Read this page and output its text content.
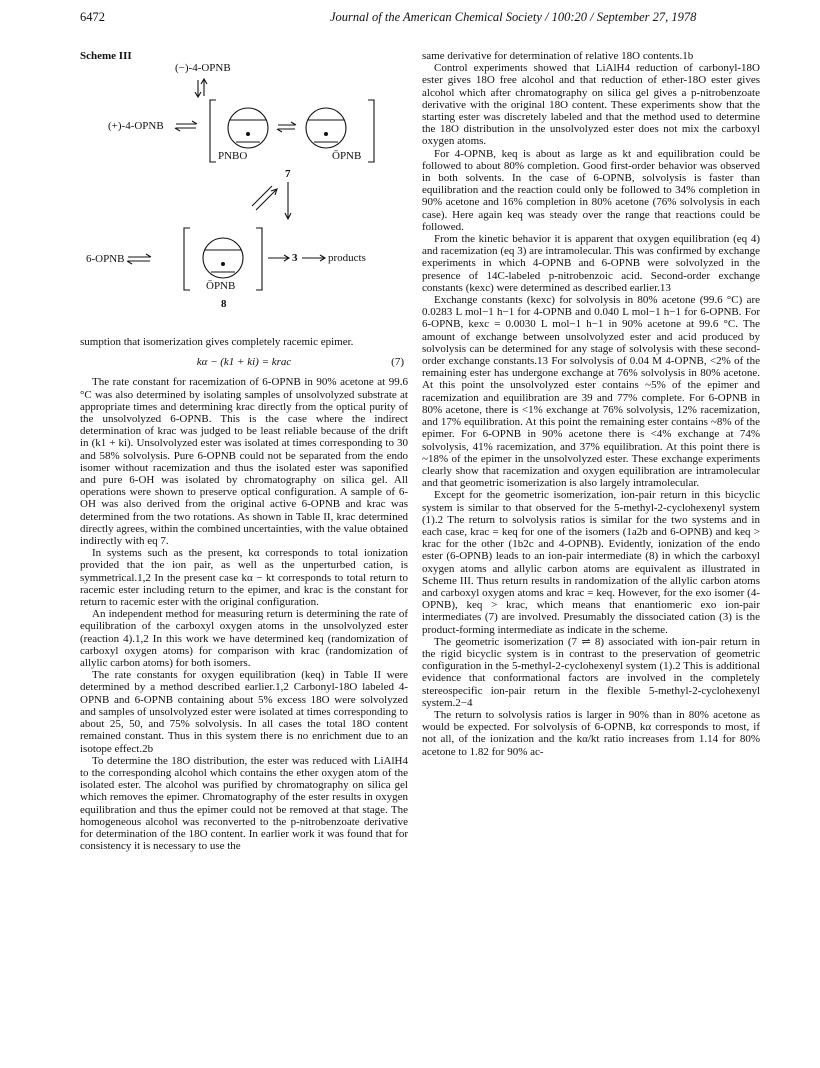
6472	Journal of the American Chemical Society / 100:20 / September 27, 1978
Scheme III
(−)-4-OPNB
(+)-4-OPNB
PNBO	ŌPNB
7
6-OPNB
ŌPNB
3	products
8

sumption that isomerization gives completely racemic epimer.

kα − (k1 + ki) = krac	(7)

The rate constant for racemization of 6-OPNB in 90% acetone at 99.6 °C was also determined by isolating samples of unsolvolyzed substrate at appropriate times and determining krac directly from the optical purity of the unsolvolyzed 6-OPNB. This is the case where the indirect determination of krac was judged to be least reliable because of the drift in (k1 + ki). Unsolvolyzed ester was isolated at times corresponding to 30 and 58% solvolysis. Pure 6-OPNB could not be separated from the endo isomer without racemization and thus the isolated ester was saponified and pure 6-OH was isolated by chromatography on silica gel. All operations were shown to preserve optical configuration. A sample of 6-OH was also derived from the original active 6-OPNB and krac was determined from the two rotations. As shown in Table II, krac determined directly agrees, within the combined uncertainties, with the value obtained indirectly with eq 7.

In systems such as the present, kα corresponds to total ionization provided that the ion pair, as well as the unperturbed cation, is symmetrical.1,2 In the present case kα − kt corresponds to total return to racemic ester including return to the epimer, and krac is the constant for return to racemic ester with the original configuration.

An independent method for measuring return is determining the rate of equilibration of the carboxyl oxygen atoms in the unsolvolyzed ester (reaction 4).1,2 In this work we have determined keq (randomization of carboxyl oxygen atoms) for comparison with krac (randomization of allylic carbon atoms) for both isomers.

The rate constants for oxygen equilibration (keq) in Table II were determined by a method described earlier.1,2 Carbonyl-18O labeled 4-OPNB and 6-OPNB containing about 5% excess 18O were solvolyzed and samples of unsolvolyzed ester were isolated at times corresponding to about 25, 50, and 75% solvolysis. In all cases the total 18O content remained constant. Thus in this system there is no enrichment due to an isotope effect.2b

To determine the 18O distribution, the ester was reduced with LiAlH4 to the corresponding alcohol which contains the ether oxygen atom of the isolated ester. The alcohol was purified by chromatography on silica gel which removes the epimer. Chromatography of the ester results in oxygen equilibration and thus the epimer could not be removed at that stage. The homogeneous alcohol was reconverted to the p-nitrobenzoate derivative for determination of the 18O content. In earlier work it was found that for consistency it is necessary to use the

same derivative for determination of relative 18O contents.1b

Control experiments showed that LiAlH4 reduction of carbonyl-18O ester gives 18O free alcohol and that reduction of ether-18O ester gives alcohol which after chromatography on silica gel gives a p-nitrobenzoate derivative with the original 18O content. These experiments show that the starting ester was discretely labeled and that the method used to determine the 18O distribution in the unsolvolyzed ester does not mix the carboxyl oxygen atoms.

For 4-OPNB, keq is about as large as kt and equilibration could be followed to about 80% completion. Good first-order behavior was observed in both solvents. In the case of 6-OPNB, solvolysis is faster than equilibration and the reaction could only be followed to 34% completion in 90% acetone and 16% completion in 80% acetone (76% solvolysis in each case). Here again keq was steady over the range that reactions could be followed.

From the kinetic behavior it is apparent that oxygen equilibration (eq 4) and racemization (eq 3) are intramolecular. This was confirmed by exchange experiments in which 4-OPNB and 6-OPNB were solvolyzed in the presence of 14C-labeled p-nitrobenzoic acid. Second-order exchange constants (kexc) were determined as described earlier.13

Exchange constants (kexc) for solvolysis in 80% acetone (99.6 °C) are 0.0283 L mol−1 h−1 for 4-OPNB and 0.040 L mol−1 h−1 for 6-OPNB. For 6-OPNB, kexc = 0.0030 L mol−1 h−1 in 90% acetone at 99.6 °C. The amount of exchange between unsolvolyzed ester and acid produced by solvolysis can be determined for any stage of solvolysis with these second-order exchange constants.13 For solvolysis of 0.04 M 4-OPNB, <2% of the remaining ester has undergone exchange at 76% solvolysis in 80% acetone. At this point the unsolvolyzed ester contains ~5% of the epimer and racemization and equilibration are 39 and 77% complete. For 6-OPNB in 80% acetone, there is <1% exchange at 76% solvolysis, 12% racemization, and 17% equilibration. At this point the remaining ester contains ~8% of the epimer. For 6-OPNB in 90% acetone there is <4% exchange at 74% solvolysis, 41% racemization, and 37% equilibration. At this point there is ~18% of the epimer in the unsolvolyzed ester. These exchange experiments clearly show that racemization and oxygen equilibration are intramolecular and that geometric isomerization is also largely intramolecular.

Except for the geometric isomerization, ion-pair return in this bicyclic system is similar to that observed for the 5-methyl-2-cyclohexenyl system (1).2 The return to solvolysis ratios is similar for the two systems and in each case, krac = keq for one of the isomers (1a2b and 6-OPNB) and keq > krac for the other (1b2c and 4-OPNB). Evidently, ionization of the endo ester (6-OPNB) leads to an ion-pair intermediate (8) in which the carboxyl oxygen atoms and allylic carbon atoms are equivalent as illustrated in Scheme III. Thus return results in randomization of the allylic carbon atoms and carboxyl oxygen atoms and krac = keq. However, for the exo isomer (4-OPNB), keq > krac, which means that enantiomeric exo ion-pair intermediates (7) are involved. Presumably the dissociated cation (3) is the product-forming intermediate as indicate in the scheme.

The geometric isomerization (7 ⇌ 8) associated with ion-pair return in the rigid bicyclic system is in contrast to the preservation of geometric configuration in the 5-methyl-2-cyclohexenyl system (1).2 This is additional evidence that conformational factors are involved in the completely stereospecific ion-pair return in the flexible 5-methyl-2-cyclohexenyl system.2−4

The return to solvolysis ratios is larger in 90% than in 80% acetone as would be expected. For solvolysis of 6-OPNB, kα corresponds to most, if not all, of the ionization and the kα/kt ratio increases from 1.14 for 80% acetone to 1.82 for 90% ac-
